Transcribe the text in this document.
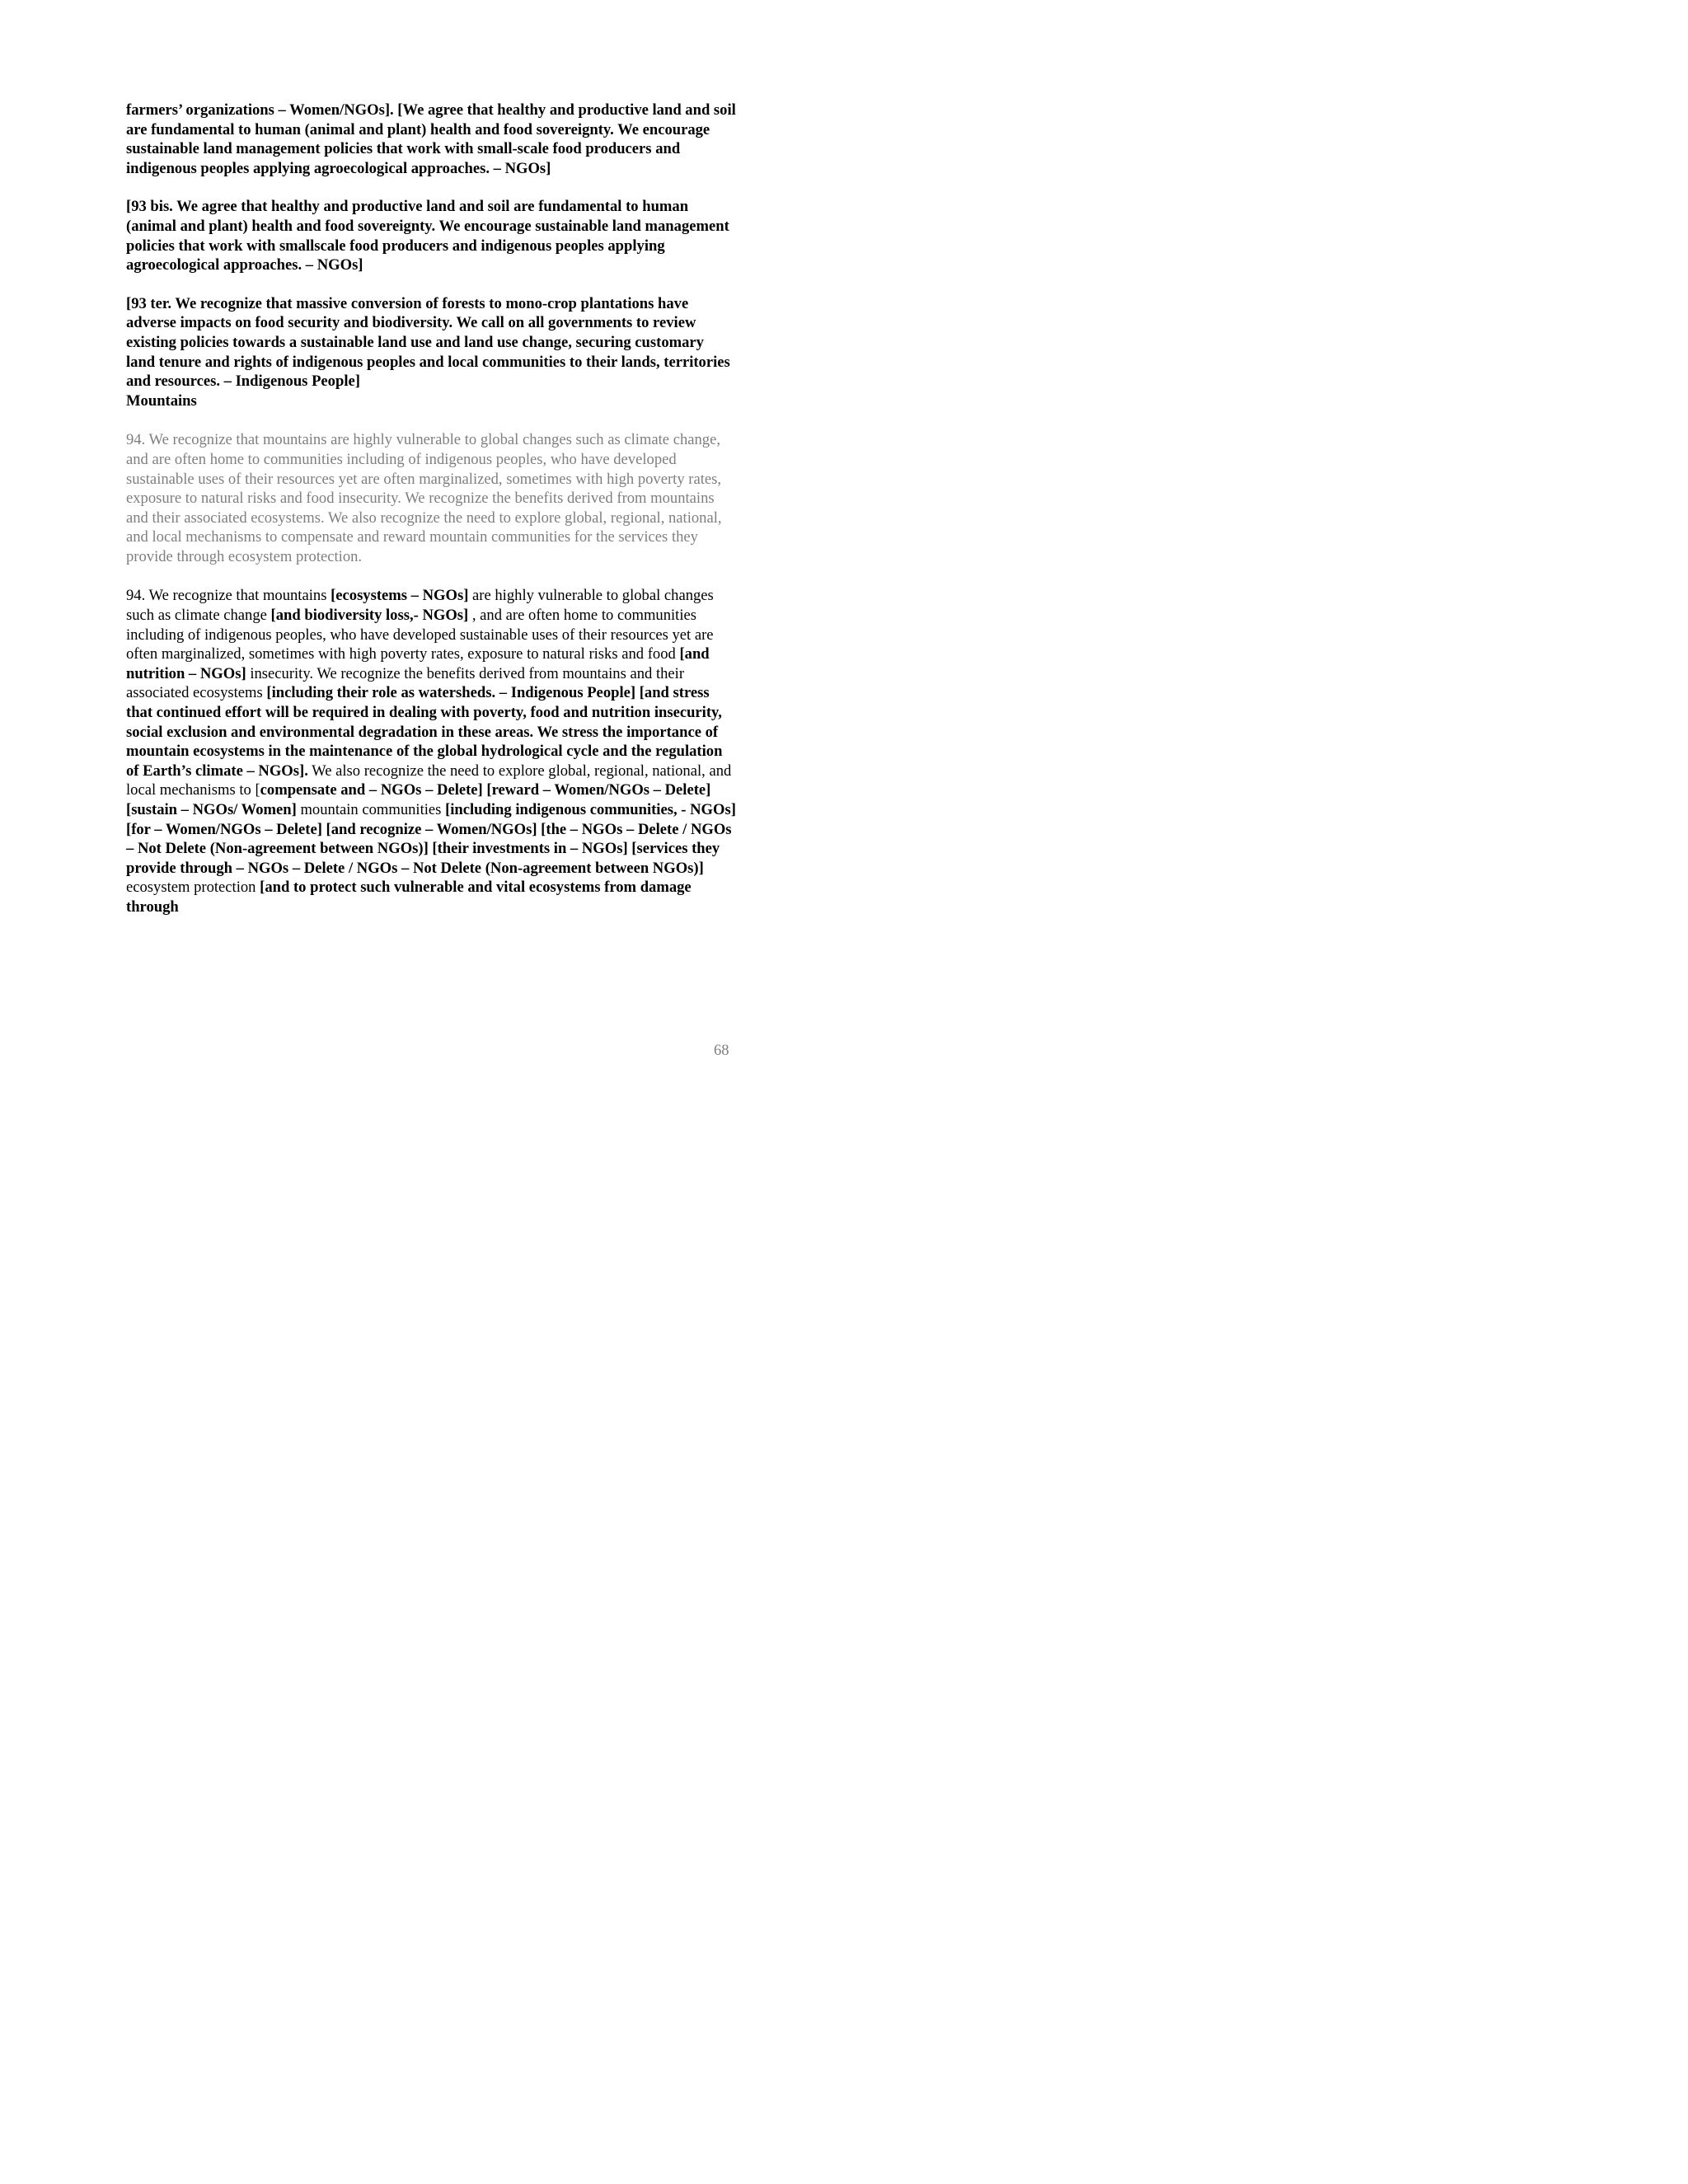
farmers’ organizations – Women/NGOs]. [We agree that healthy and productive land and soil are fundamental to human (animal and plant) health and food sovereignty. We encourage sustainable land management policies that work with small-scale food producers and indigenous peoples applying agroecological approaches. – NGOs]

[93 bis. We agree that healthy and productive land and soil are fundamental to human (animal and plant) health and food sovereignty. We encourage sustainable land management policies that work with smallscale food producers and indigenous peoples applying agroecological approaches. – NGOs]

[93 ter. We recognize that massive conversion of forests to mono-crop plantations have adverse impacts on food security and biodiversity. We call on all governments to review existing policies towards a sustainable land use and land use change, securing customary land tenure and rights of indigenous peoples and local communities to their lands, territories and resources. – Indigenous People]

Mountains

94. We recognize that mountains are highly vulnerable to global changes such as climate change, and are often home to communities including of indigenous peoples, who have developed sustainable uses of their resources yet are often marginalized, sometimes with high poverty rates, exposure to natural risks and food insecurity. We recognize the benefits derived from mountains and their associated ecosystems. We also recognize the need to explore global, regional, national, and local mechanisms to compensate and reward mountain communities for the services they provide through ecosystem protection.

94. We recognize that mountains [ecosystems – NGOs] are highly vulnerable to global changes such as climate change [and biodiversity loss,- NGOs] , and are often home to communities including of indigenous peoples, who have developed sustainable uses of their resources yet are often marginalized, sometimes with high poverty rates, exposure to natural risks and food [and nutrition – NGOs] insecurity. We recognize the benefits derived from mountains and their associated ecosystems [including their role as watersheds. – Indigenous People] [and stress that continued effort will be required in dealing with poverty, food and nutrition insecurity, social exclusion and environmental degradation in these areas. We stress the importance of mountain ecosystems in the maintenance of the global hydrological cycle and the regulation of Earth’s climate – NGOs]. We also recognize the need to explore global, regional, national, and local mechanisms to [compensate and – NGOs – Delete] [reward – Women/NGOs – Delete] [sustain – NGOs/ Women] mountain communities [including indigenous communities, - NGOs] [for – Women/NGOs – Delete] [and recognize – Women/NGOs] [the – NGOs – Delete / NGOs – Not Delete (Non-agreement between NGOs)] [their investments in – NGOs] [services they provide through – NGOs – Delete / NGOs – Not Delete (Non-agreement between NGOs)] ecosystem protection [and to protect such vulnerable and vital ecosystems from damage through

68
